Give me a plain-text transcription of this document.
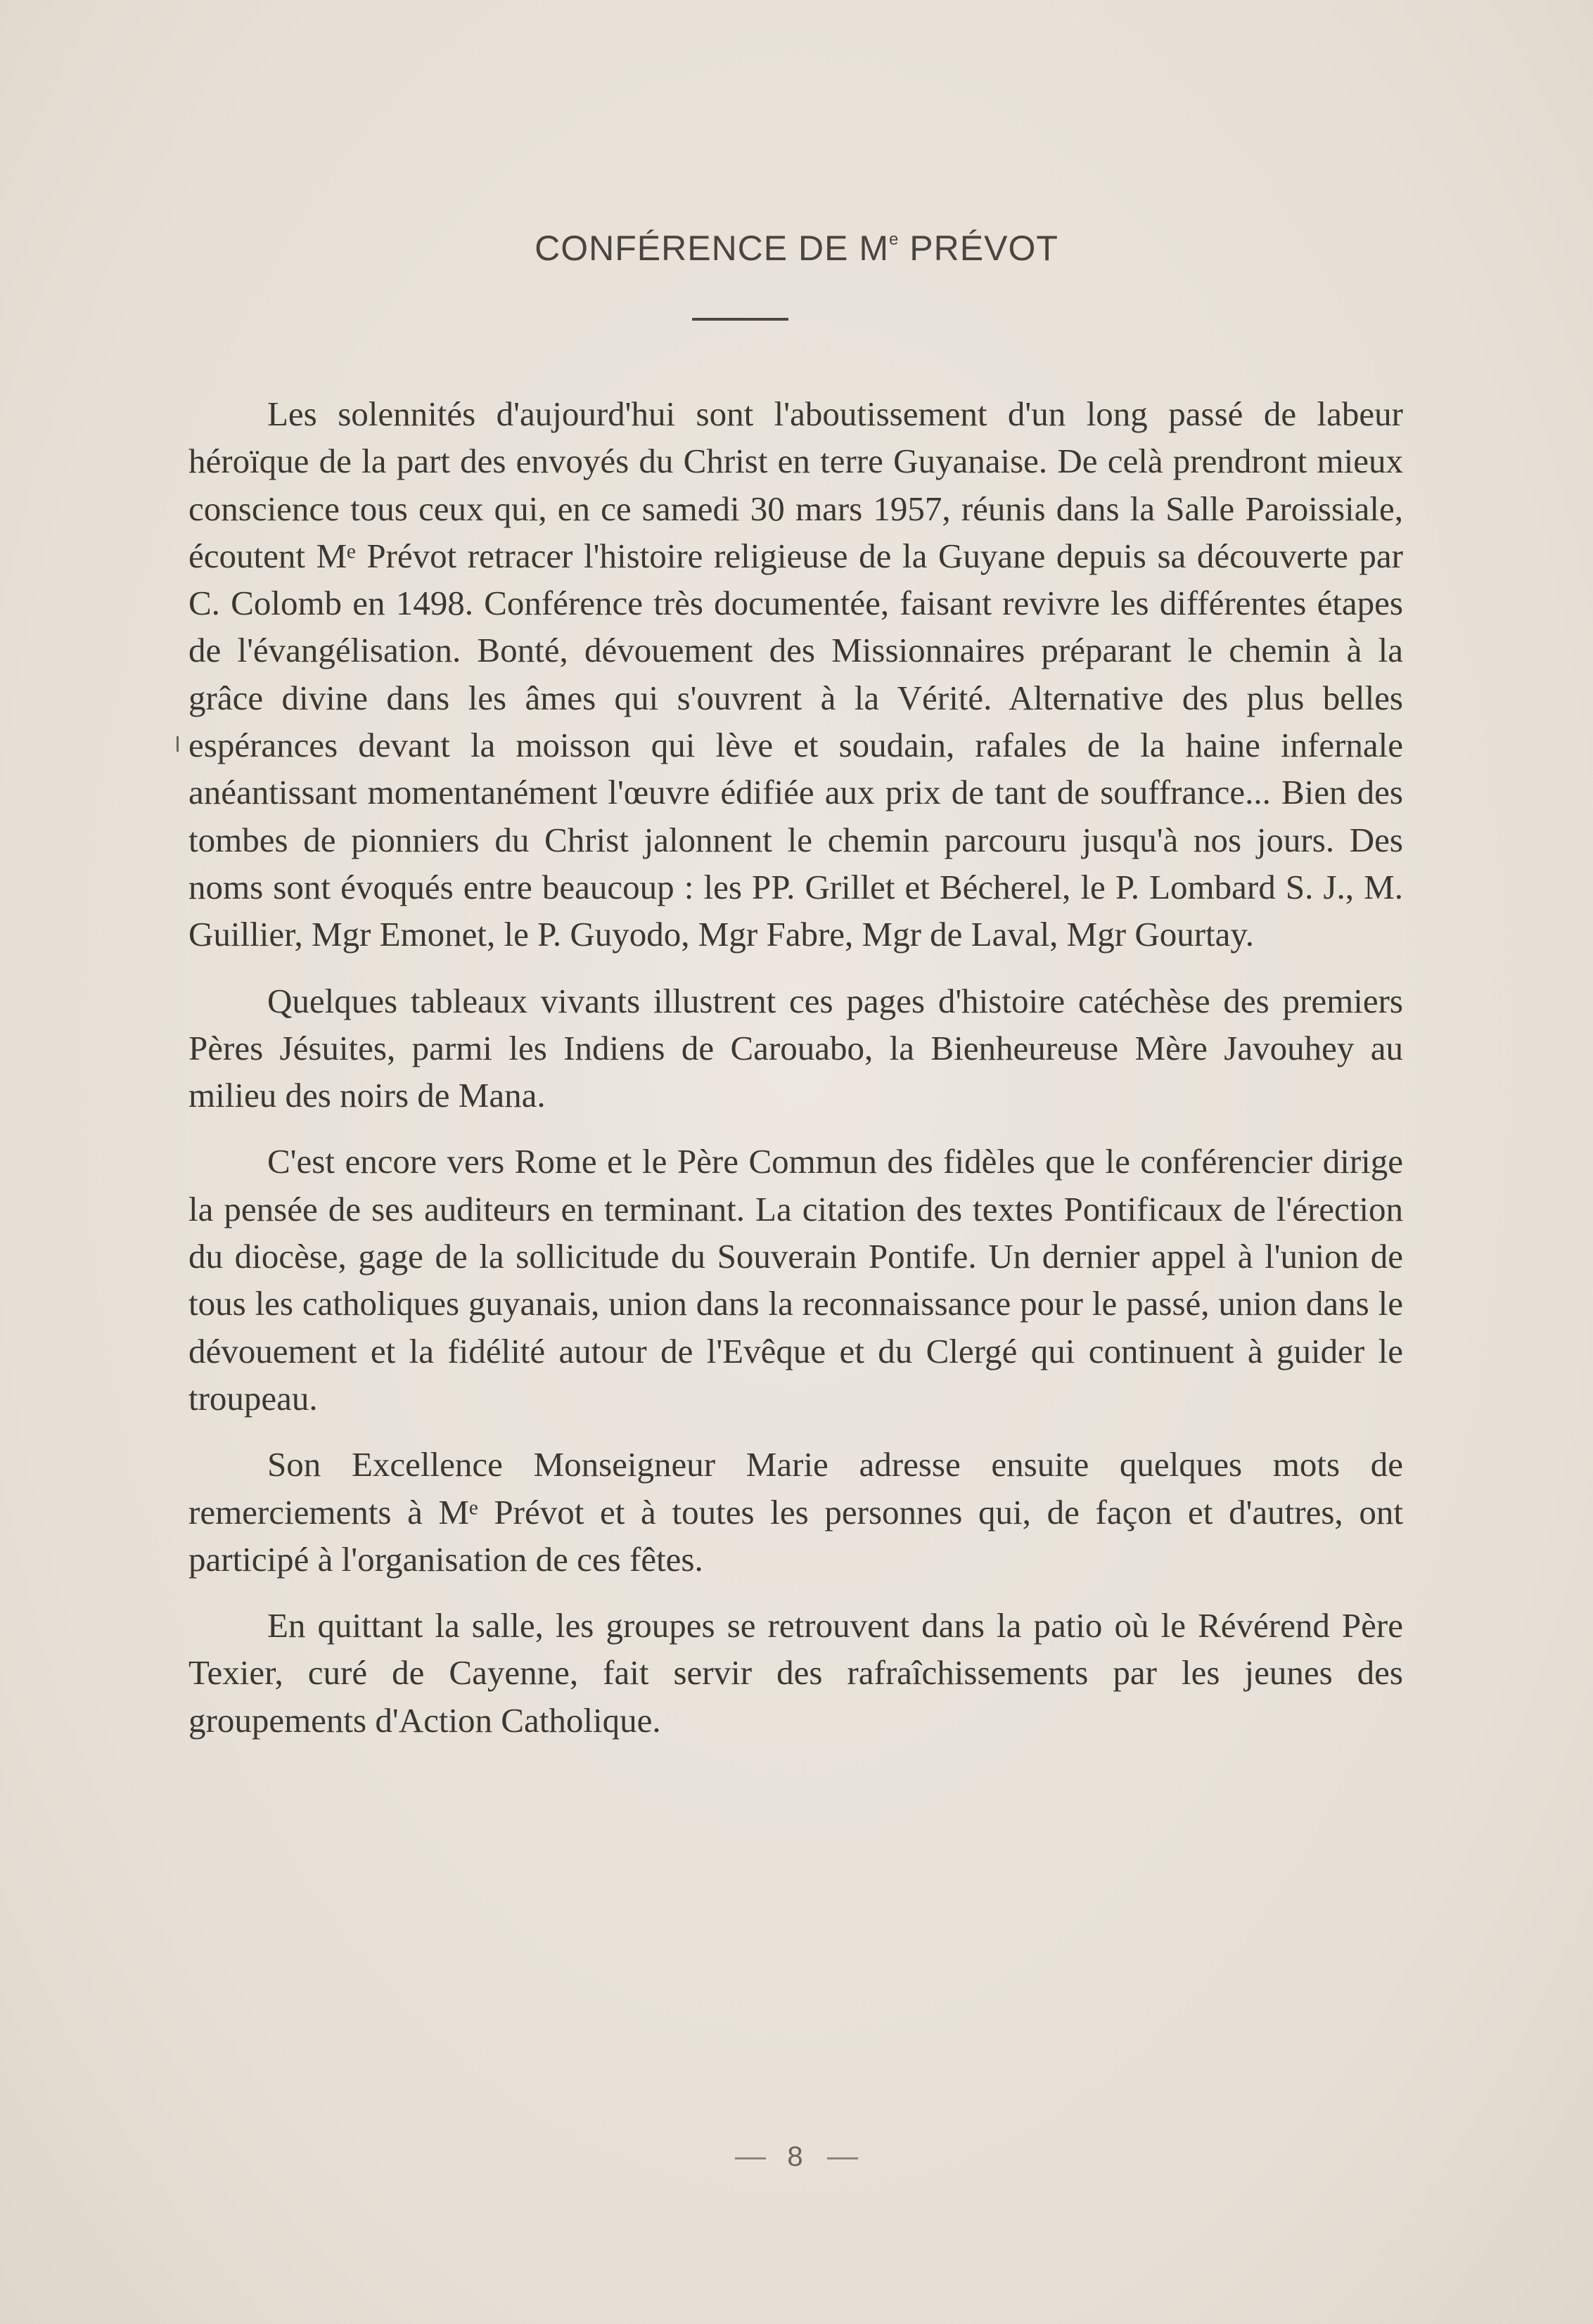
CONFÉRENCE DE Me PRÉVOT

Les solennités d'aujourd'hui sont l'aboutissement d'un long passé de labeur héroïque de la part des envoyés du Christ en terre Guyanaise. De celà prendront mieux conscience tous ceux qui, en ce samedi 30 mars 1957, réunis dans la Salle Paroissiale, écoutent Mᵉ Prévot retracer l'histoire religieuse de la Guyane depuis sa découverte par C. Colomb en 1498. Conférence très documentée, faisant revivre les différentes étapes de l'évangélisation. Bonté, dévouement des Missionnaires préparant le chemin à la grâce divine dans les âmes qui s'ouvrent à la Vérité. Alternative des plus belles espérances devant la moisson qui lève et soudain, rafales de la haine infernale anéantissant momentanément l'œuvre édifiée aux prix de tant de souffrance... Bien des tombes de pionniers du Christ jalonnent le chemin parcouru jusqu'à nos jours. Des noms sont évoqués entre beaucoup : les PP. Grillet et Bécherel, le P. Lombard S. J., M. Guillier, Mgr Emonet, le P. Guyodo, Mgr Fabre, Mgr de Laval, Mgr Gourtay.

Quelques tableaux vivants illustrent ces pages d'histoire catéchèse des premiers Pères Jésuites, parmi les Indiens de Carouabo, la Bienheureuse Mère Javouhey au milieu des noirs de Mana.

C'est encore vers Rome et le Père Commun des fidèles que le conférencier dirige la pensée de ses auditeurs en terminant. La citation des textes Pontificaux de l'érection du diocèse, gage de la sollicitude du Souverain Pontife. Un dernier appel à l'union de tous les catholiques guyanais, union dans la reconnaissance pour le passé, union dans le dévouement et la fidélité autour de l'Evêque et du Clergé qui continuent à guider le troupeau.

Son Excellence Monseigneur Marie adresse ensuite quelques mots de remerciements à Mᵉ Prévot et à toutes les personnes qui, de façon et d'autres, ont participé à l'organisation de ces fêtes.

En quittant la salle, les groupes se retrouvent dans la patio où le Révérend Père Texier, curé de Cayenne, fait servir des rafraîchissements par les jeunes des groupements d'Action Catholique.

8
